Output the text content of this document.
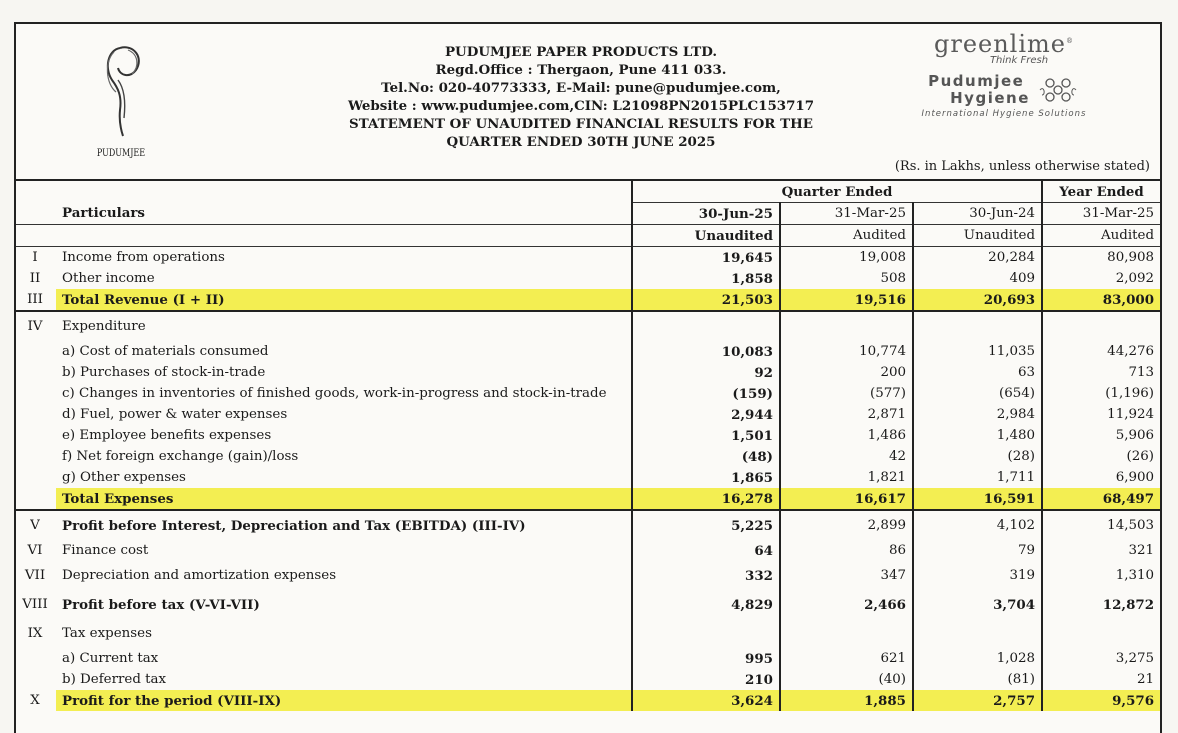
PUDUMJEE
PUDUMJEE PAPER PRODUCTS LTD.
Regd.Office : Thergaon, Pune 411 033.
Tel.No: 020-40773333, E-Mail: pune@pudumjee.com,
Website : www.pudumjee.com,CIN: L21098PN2015PLC153717
STATEMENT OF UNAUDITED FINANCIAL RESULTS FOR THE
QUARTER ENDED 30TH JUNE 2025
greenlime®
Think Fresh
Pudumjee
Hygiene
International Hygiene Solutions
(Rs. in Lakhs, unless otherwise stated)
		Quarter Ended			Year Ended
	Particulars	30-Jun-25	31-Mar-25	30-Jun-24	31-Mar-25
		Unaudited	Audited	Unaudited	Audited
I	Income from operations	19,645	19,008	20,284	80,908
II	Other income	1,858	508	409	2,092
III	Total Revenue (I + II)	21,503	19,516	20,693	83,000
IV	Expenditure				
	a) Cost of materials consumed	10,083	10,774	11,035	44,276
	b) Purchases of stock-in-trade	92	200	63	713
	c) Changes in inventories of finished goods, work-in-progress and stock-in-trade	(159)	(577)	(654)	(1,196)
	d) Fuel, power & water expenses	2,944	2,871	2,984	11,924
	e) Employee benefits expenses	1,501	1,486	1,480	5,906
	f) Net foreign exchange (gain)/loss	(48)	42	(28)	(26)
	g) Other expenses	1,865	1,821	1,711	6,900
	Total Expenses	16,278	16,617	16,591	68,497
V	Profit before Interest, Depreciation and Tax (EBITDA) (III-IV)	5,225	2,899	4,102	14,503
VI	Finance cost	64	86	79	321
VII	Depreciation and amortization expenses	332	347	319	1,310
VIII	Profit before tax (V-VI-VII)	4,829	2,466	3,704	12,872
IX	Tax expenses				
	a) Current tax	995	621	1,028	3,275
	b) Deferred tax	210	(40)	(81)	21
X	Profit for the period (VIII-IX)	3,624	1,885	2,757	9,576
